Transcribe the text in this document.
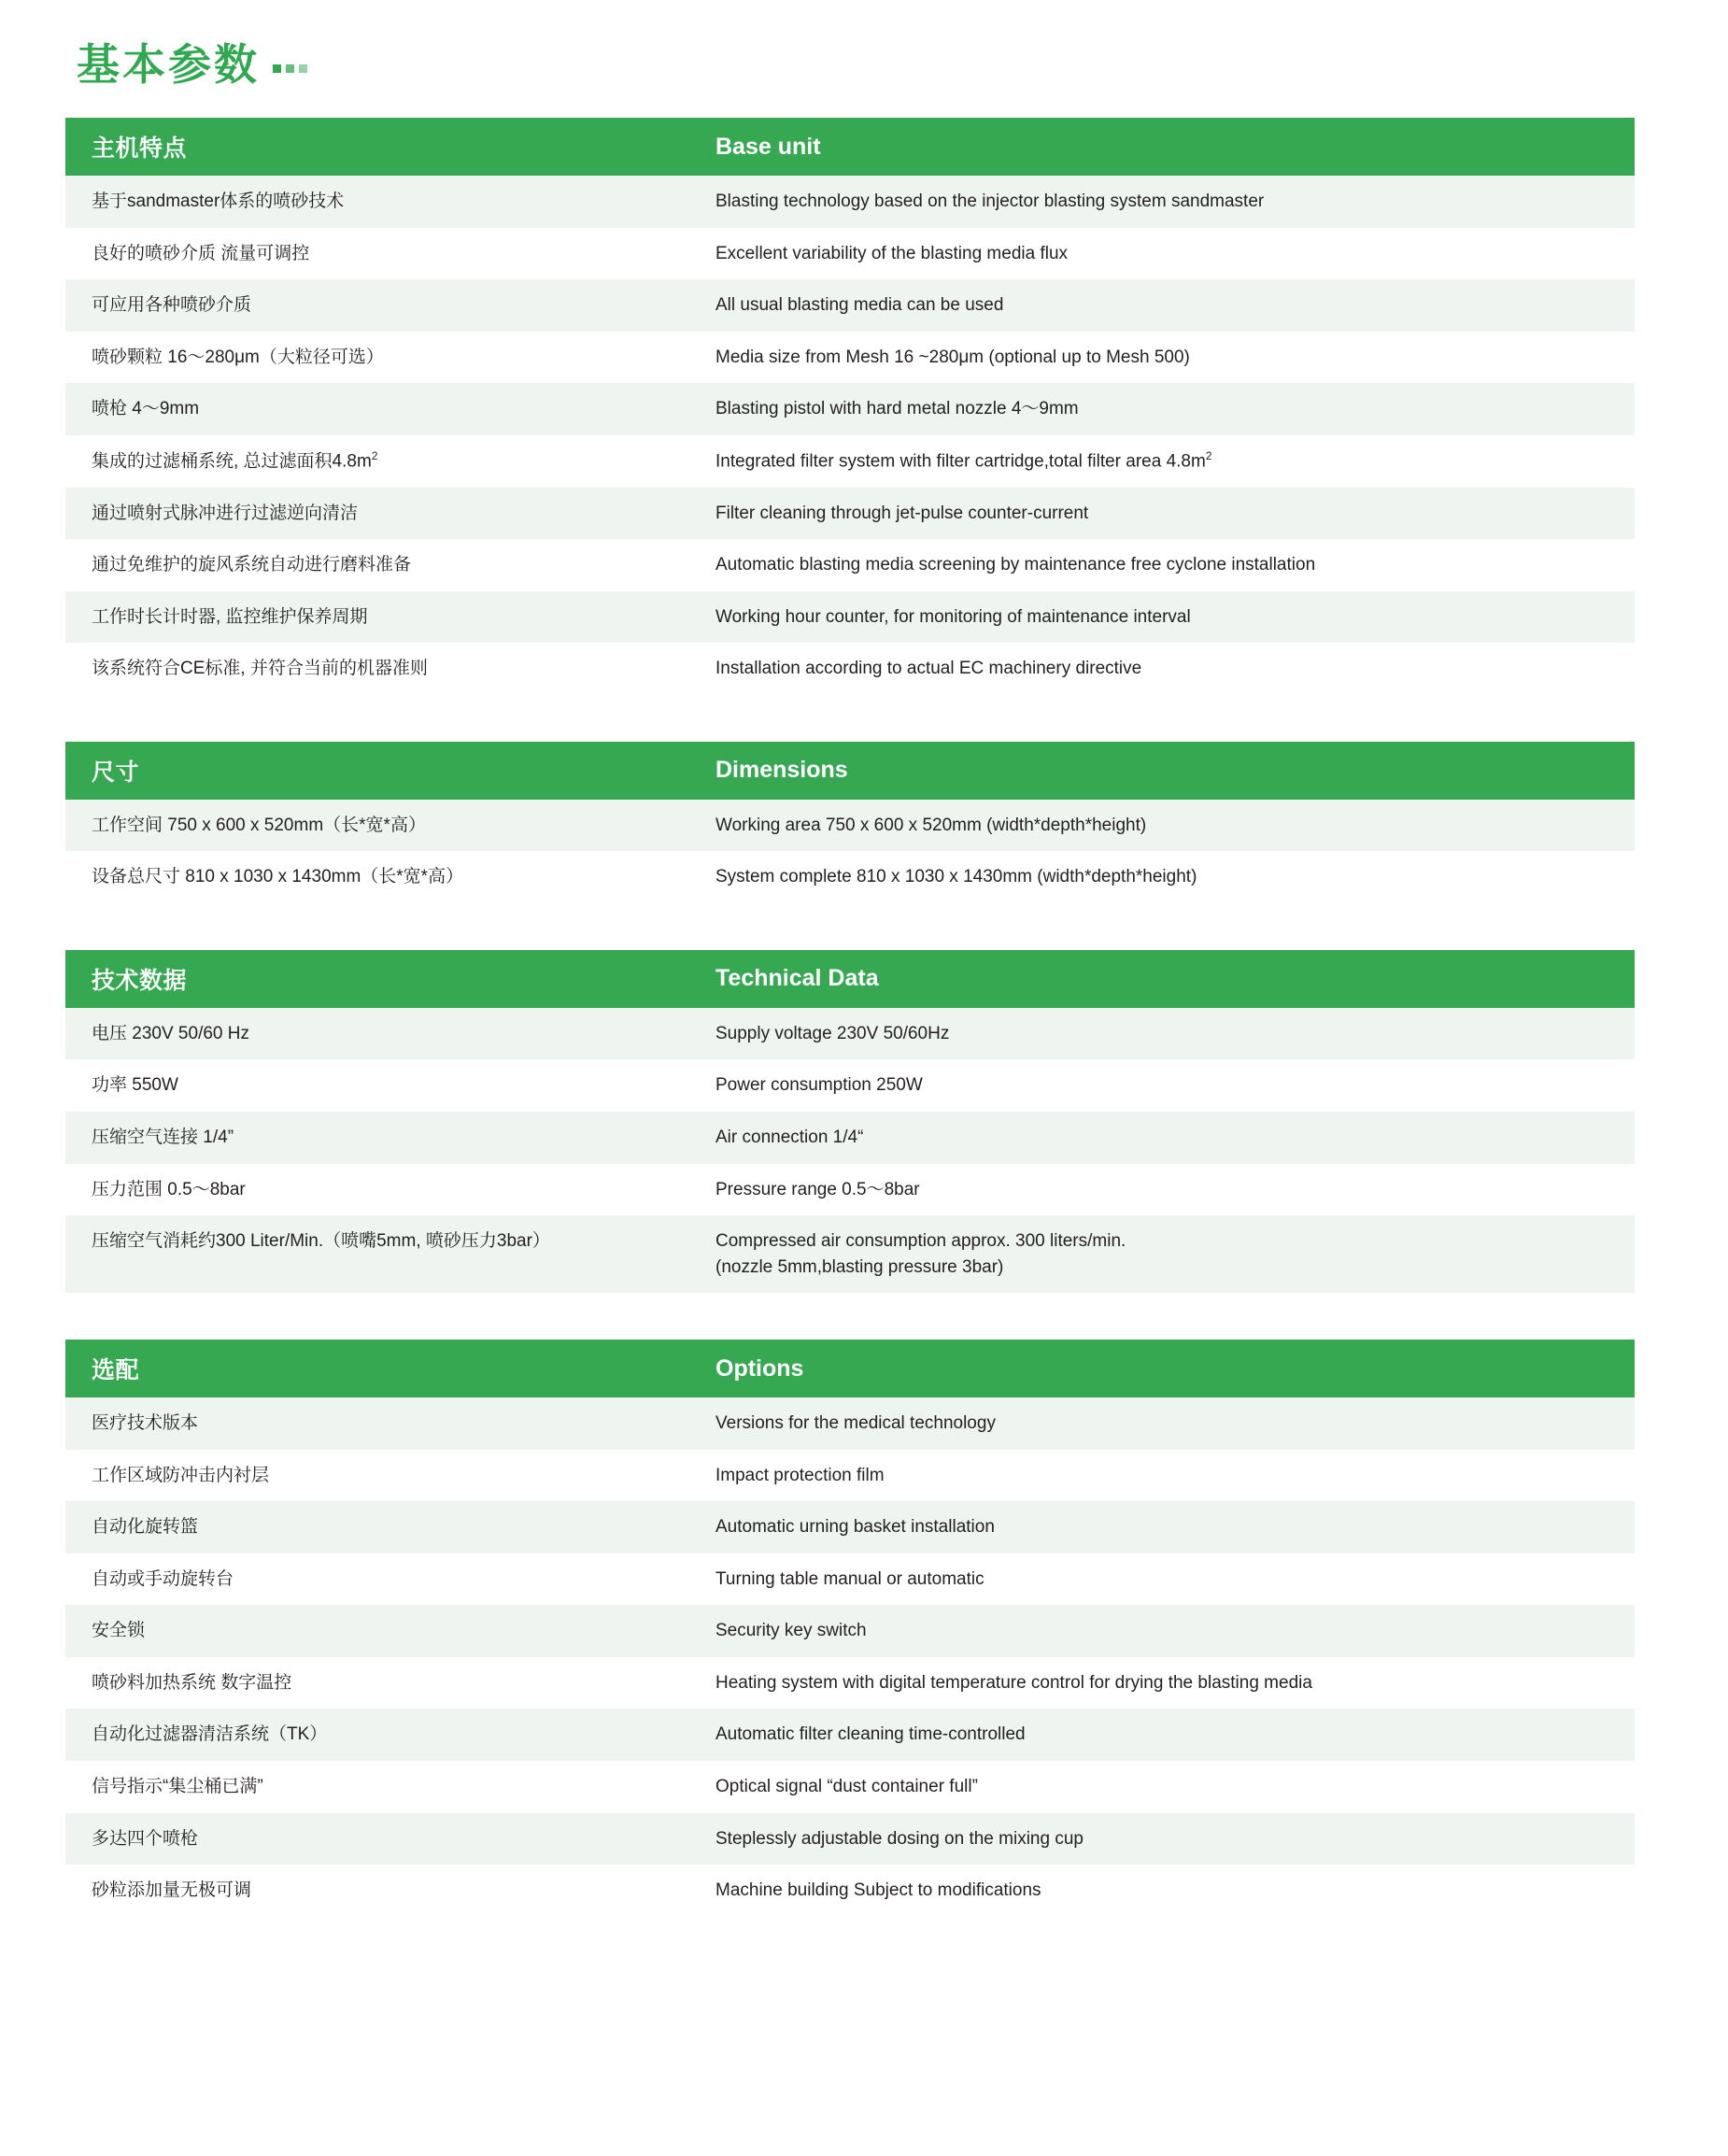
基本参数
主机特点	Base unit
基于sandmaster体系的喷砂技术	Blasting technology based on the injector blasting system sandmaster
良好的喷砂介质 流量可调控	Excellent variability of the blasting media flux
可应用各种喷砂介质	All usual blasting media can be used
喷砂颗粒 16～280μm（大粒径可选）	Media size from Mesh 16 ~280μm (optional up to Mesh 500)
喷枪 4～9mm	Blasting pistol with hard metal nozzle 4～9mm
集成的过滤桶系统, 总过滤面积$4.8m^2$	Integrated filter system with filter cartridge,total filter area $4.8m^2$
通过喷射式脉冲进行过滤逆向清洁	Filter cleaning through jet-pulse counter-current
通过免维护的旋风系统自动进行磨料准备	Automatic blasting media screening by maintenance free cyclone installation
工作时长计时器, 监控维护保养周期	Working hour counter, for monitoring of maintenance interval
该系统符合CE标准, 并符合当前的机器准则	Installation according to actual EC machinery directive
尺寸	Dimensions
工作空间 750 x 600 x 520mm（长*宽*高）	Working area 750 x 600 x 520mm (width*depth*height)
设备总尺寸 810 x 1030 x 1430mm（长*宽*高）	System complete 810 x 1030 x 1430mm (width*depth*height)
技术数据	Technical Data
电压 230V 50/60 Hz	Supply voltage 230V 50/60Hz
功率 550W	Power consumption 250W
压缩空气连接 1/4”	Air connection 1/4“
压力范围 0.5～8bar	Pressure range 0.5～8bar
压缩空气消耗约300 Liter/Min.（喷嘴5mm, 喷砂压力3bar）	Compressed air consumption approx. 300 liters/min.
(nozzle 5mm,blasting pressure 3bar)
选配	Options
医疗技术版本	Versions for the medical technology
工作区域防冲击内衬层	Impact protection film
自动化旋转篮	Automatic urning basket installation
自动或手动旋转台	Turning table manual or automatic
安全锁	Security key switch
喷砂料加热系统 数字温控	Heating system with digital temperature control for drying the blasting media
自动化过滤器清洁系统（TK）	Automatic filter cleaning time-controlled
信号指示“集尘桶已满”	Optical signal “dust container full”
多达四个喷枪	Steplessly adjustable dosing on the mixing cup
砂粒添加量无极可调	Machine building Subject to modifications
